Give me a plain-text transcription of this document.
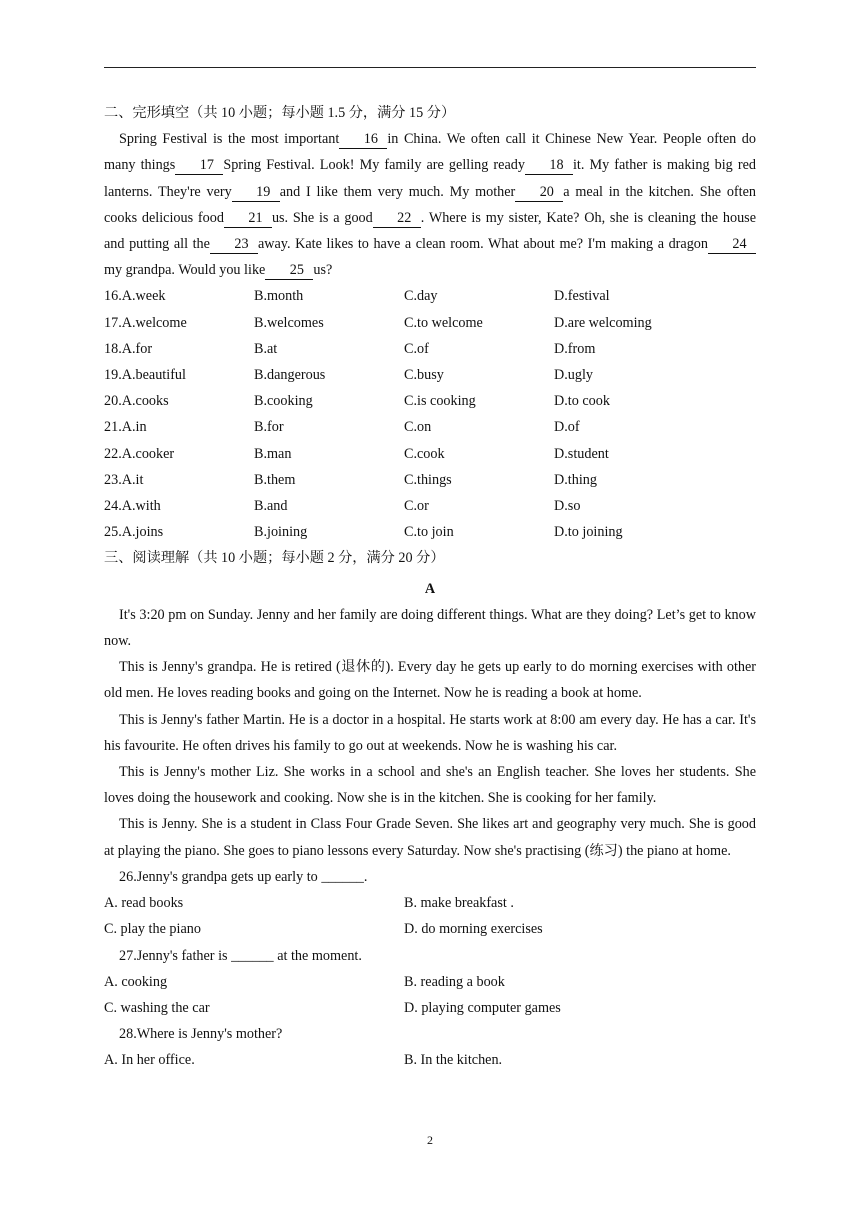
二、完形填空（共 10 小题；每小题 1.5 分，满分 15 分）

Spring Festival is the most important 16 in China. We often call it Chinese New Year. People often do many things 17 Spring Festival. Look! My family are gelling ready 18 it. My father is making big red lanterns. They're very 19 and I like them very much. My mother 20 a meal in the kitchen. She often cooks delicious food 21 us. She is a good 22 . Where is my sister, Kate? Oh, she is cleaning the house and putting all the 23 away. Kate likes to have a clean room. What about me? I'm making a dragon 24my grandpa. Would you like 25 us?

16.A.week	B.month	C.day	D.festival
17.A.welcome	B.welcomes	C.to welcome	D.are welcoming
18.A.for	B.at	C.of	D.from
19.A.beautiful	B.dangerous	C.busy	D.ugly
20.A.cooks	B.cooking	C.is cooking	D.to cook
21.A.in	B.for	C.on	D.of
22.A.cooker	B.man	C.cook	D.student
23.A.it	B.them	C.things	D.thing
24.A.with	B.and	C.or	D.so
25.A.joins	B.joining	C.to join	D.to joining

三、阅读理解（共 10 小题；每小题 2 分，满分 20 分）

A

It's 3:20 pm on Sunday. Jenny and her family are doing different things. What are they doing? Let’s get to know now.

This is Jenny's grandpa. He is retired (退休的). Every day he gets up early to do morning exercises with other old men. He loves reading books and going on the Internet. Now he is reading a book at home.

This is Jenny's father Martin. He is a doctor in a hospital. He starts work at 8:00 am every day. He has a car. It's his favourite. He often drives his family to go out at weekends. Now he is washing his car.

This is Jenny's mother Liz. She works in a school and she's an English teacher. She loves her students. She loves doing the housework and cooking. Now she is in the kitchen. She is cooking for her family.

This is Jenny. She is a student in Class Four Grade Seven. She likes art and geography very much. She is good at playing the piano. She goes to piano lessons every Saturday. Now she's practising (练习) the piano at home.

26.Jenny's grandpa gets up early to ______.

A. read books	B. make breakfast .
C. play the piano	D. do morning exercises

27.Jenny's father is ______ at the moment.

A. cooking	B. reading a book
C. washing the car	D. playing computer games

28.Where is Jenny's mother?

A. In her office.	B. In the kitchen.
2
